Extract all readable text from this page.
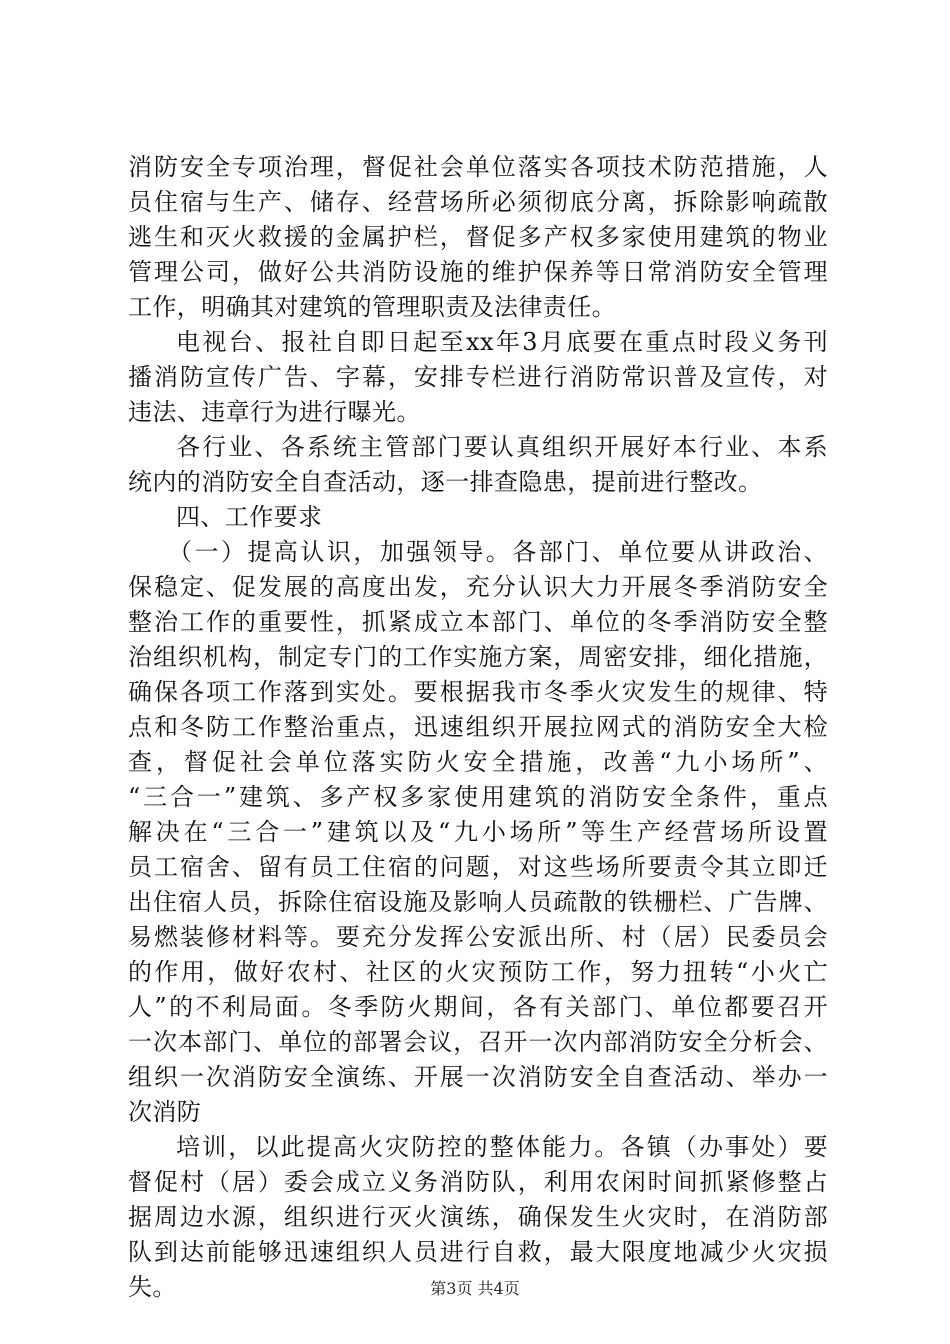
消防安全专项治理，督促社会单位落实各项技术防范措施，人
员住宿与生产、储存、经营场所必须彻底分离，拆除影响疏散
逃生和灭火救援的金属护栏，督促多产权多家使用建筑的物业
管理公司，做好公共消防设施的维护保养等日常消防安全管理
工作，明确其对建筑的管理职责及法律责任。
电视台、报社自即日起至xx年3月底要在重点时段义务刊
播消防宣传广告、字幕，安排专栏进行消防常识普及宣传，对
违法、违章行为进行曝光。
各行业、各系统主管部门要认真组织开展好本行业、本系
统内的消防安全自查活动，逐一排查隐患，提前进行整改。
四、工作要求
（一）提高认识，加强领导。各部门、单位要从讲政治、
保稳定、促发展的高度出发，充分认识大力开展冬季消防安全
整治工作的重要性，抓紧成立本部门、单位的冬季消防安全整
治组织机构，制定专门的工作实施方案，周密安排，细化措施，
确保各项工作落到实处。要根据我市冬季火灾发生的规律、特
点和冬防工作整治重点，迅速组织开展拉网式的消防安全大检
查，督促社会单位落实防火安全措施，改善“九小场所”、
“三合一”建筑、多产权多家使用建筑的消防安全条件，重点
解决在“三合一”建筑以及“九小场所”等生产经营场所设置
员工宿舍、留有员工住宿的问题，对这些场所要责令其立即迁
出住宿人员，拆除住宿设施及影响人员疏散的铁栅栏、广告牌、
易燃装修材料等。要充分发挥公安派出所、村（居）民委员会
的作用，做好农村、社区的火灾预防工作，努力扭转“小火亡
人”的不利局面。冬季防火期间，各有关部门、单位都要召开
一次本部门、单位的部署会议，召开一次内部消防安全分析会、
组织一次消防安全演练、开展一次消防安全自查活动、举办一
次消防
培训，以此提高火灾防控的整体能力。各镇（办事处）要
督促村（居）委会成立义务消防队，利用农闲时间抓紧修整占
据周边水源，组织进行灭火演练，确保发生火灾时，在消防部
队到达前能够迅速组织人员进行自救，最大限度地减少火灾损
失。	第3页 共4页
